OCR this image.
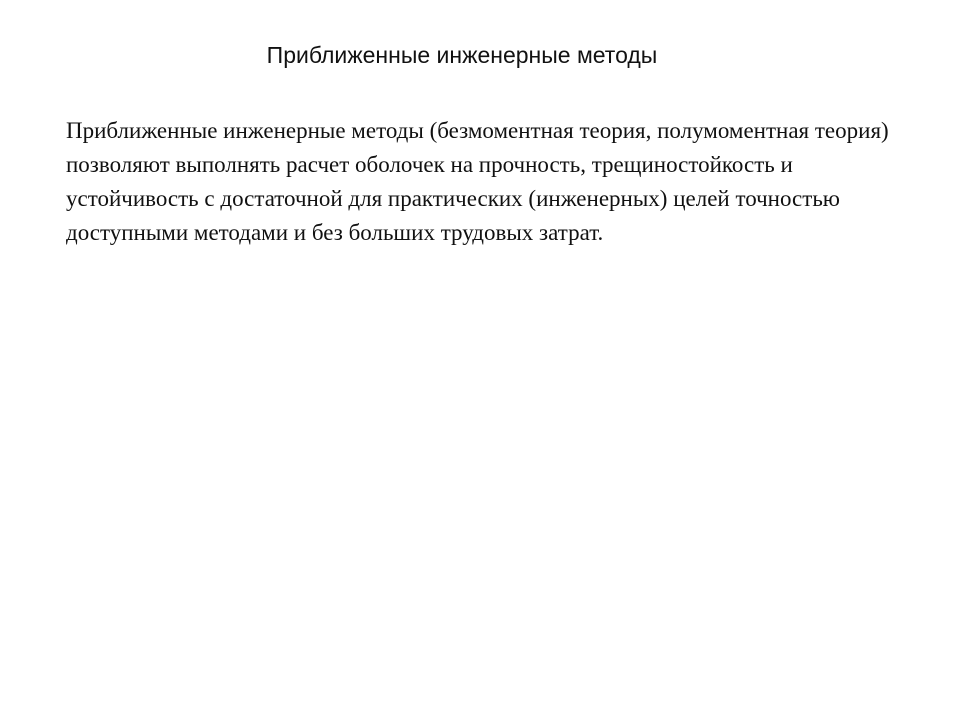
Приближенные инженерные методы

Приближенные инженерные методы (безмоментная теория, полумоментная теория) позволяют выполнять расчет оболочек на прочность, трещиностойкость и устойчивость с достаточной для практических (инженерных) целей точностью доступными методами и без больших трудовых затрат.
